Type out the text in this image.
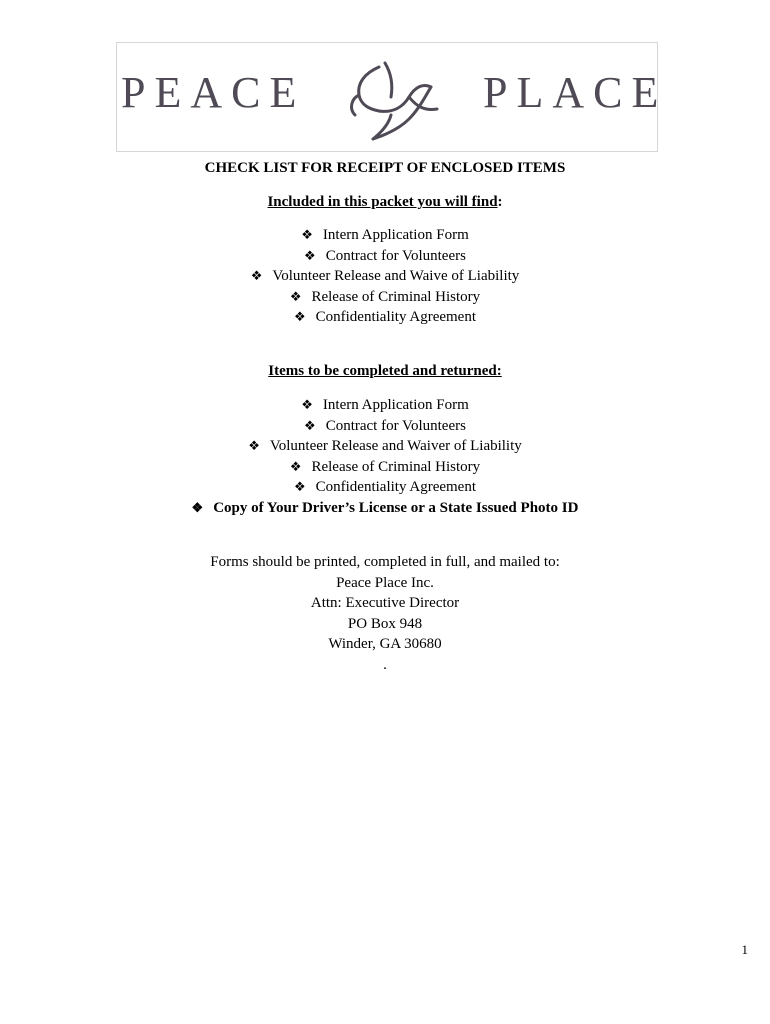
PEACE	PLACE
CHECK LIST FOR RECEIPT OF ENCLOSED ITEMS
Included in this packet you will find:
❖ Intern Application Form
❖ Contract for Volunteers
❖ Volunteer Release and Waive of Liability
❖ Release of Criminal History
❖ Confidentiality Agreement
Items to be completed and returned:
❖ Intern Application Form
❖ Contract for Volunteers
❖ Volunteer Release and Waiver of Liability
❖ Release of Criminal History
❖ Confidentiality Agreement
❖ Copy of Your Driver’s License or a State Issued Photo ID
Forms should be printed, completed in full, and mailed to:
Peace Place Inc.
Attn: Executive Director
PO Box 948
Winder, GA 30680
.
1
